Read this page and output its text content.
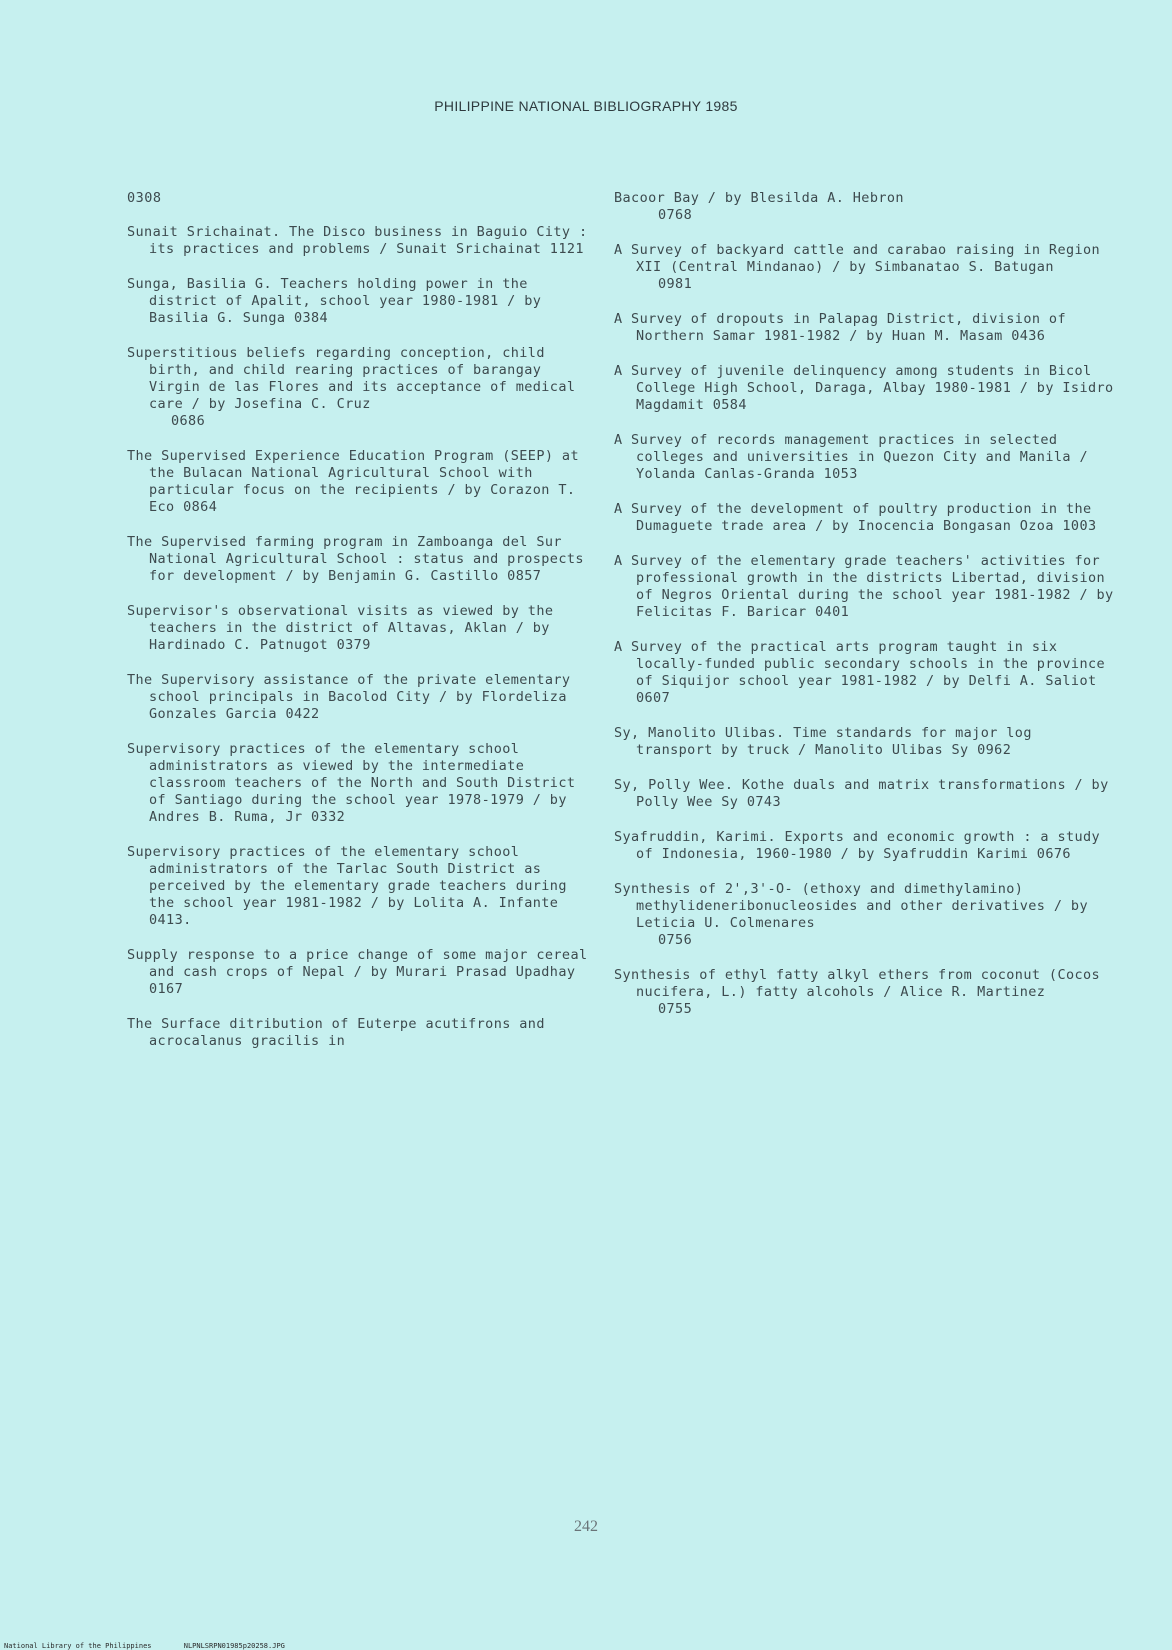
PHILIPPINE NATIONAL BIBLIOGRAPHY 1985
0308
Sunait Srichainat. The Disco business in Baguio City : its practices and problems / Sunait Srichainat 1121
Sunga, Basilia G. Teachers holding power in the district of Apalit, school year 1980-1981 / by Basilia G. Sunga 0384
Superstitious beliefs regarding conception, child birth, and child rearing practices of barangay Virgin de las Flores and its acceptance of medical care / by Josefina C. Cruz
0686
The Supervised Experience Education Program (SEEP) at the Bulacan National Agricultural School with particular focus on the recipients / by Corazon T. Eco 0864
The Supervised farming program in Zamboanga del Sur National Agricultural School : status and prospects for development / by Benjamin G. Castillo 0857
Supervisor's observational visits as viewed by the teachers in the district of Altavas, Aklan / by Hardinado C. Patnugot 0379
The Supervisory assistance of the private elementary school principals in Bacolod City / by Flordeliza Gonzales Garcia 0422
Supervisory practices of the elementary school administrators as viewed by the intermediate classroom teachers of the North and South District of Santiago during the school year 1978-1979 / by Andres B. Ruma, Jr 0332
Supervisory practices of the elementary school administrators of the Tarlac South District as perceived by the elementary grade teachers during the school year 1981-1982 / by Lolita A. Infante 0413.
Supply response to a price change of some major cereal and cash crops of Nepal / by Murari Prasad Upadhay 0167
The Surface ditribution of Euterpe acutifrons and acrocalanus gracilis in
Bacoor Bay / by Blesilda A. Hebron
0768
A Survey of backyard cattle and carabao raising in Region XII (Central Mindanao) / by Simbanatao S. Batugan
0981
A Survey of dropouts in Palapag District, division of Northern Samar 1981-1982 / by Huan M. Masam 0436
A Survey of juvenile delinquency among students in Bicol College High School, Daraga, Albay 1980-1981 / by Isidro Magdamit 0584
A Survey of records management practices in selected colleges and universities in Quezon City and Manila / Yolanda Canlas-Granda 1053
A Survey of the development of poultry production in the Dumaguete trade area / by Inocencia Bongasan Ozoa 1003
A Survey of the elementary grade teachers' activities for professional growth in the districts Libertad, division of Negros Oriental during the school year 1981-1982 / by Felicitas F. Baricar 0401
A Survey of the practical arts program taught in six locally-funded public secondary schools in the province of Siquijor school year 1981-1982 / by Delfi A. Saliot 0607
Sy, Manolito Ulibas. Time standards for major log transport by truck / Manolito Ulibas Sy 0962
Sy, Polly Wee. Kothe duals and matrix transformations / by Polly Wee Sy 0743
Syafruddin, Karimi. Exports and economic growth : a study of Indonesia, 1960-1980 / by Syafruddin Karimi 0676
Synthesis of 2',3'-O- (ethoxy and dimethylamino) methylideneribonucleosides and other derivatives / by Leticia U. Colmenares
0756
Synthesis of ethyl fatty alkyl ethers from coconut (Cocos nucifera, L.) fatty alcohols / Alice R. Martinez
0755
242
National Library of the Philippines	NLPNLSRPN01985p20258.JPG
